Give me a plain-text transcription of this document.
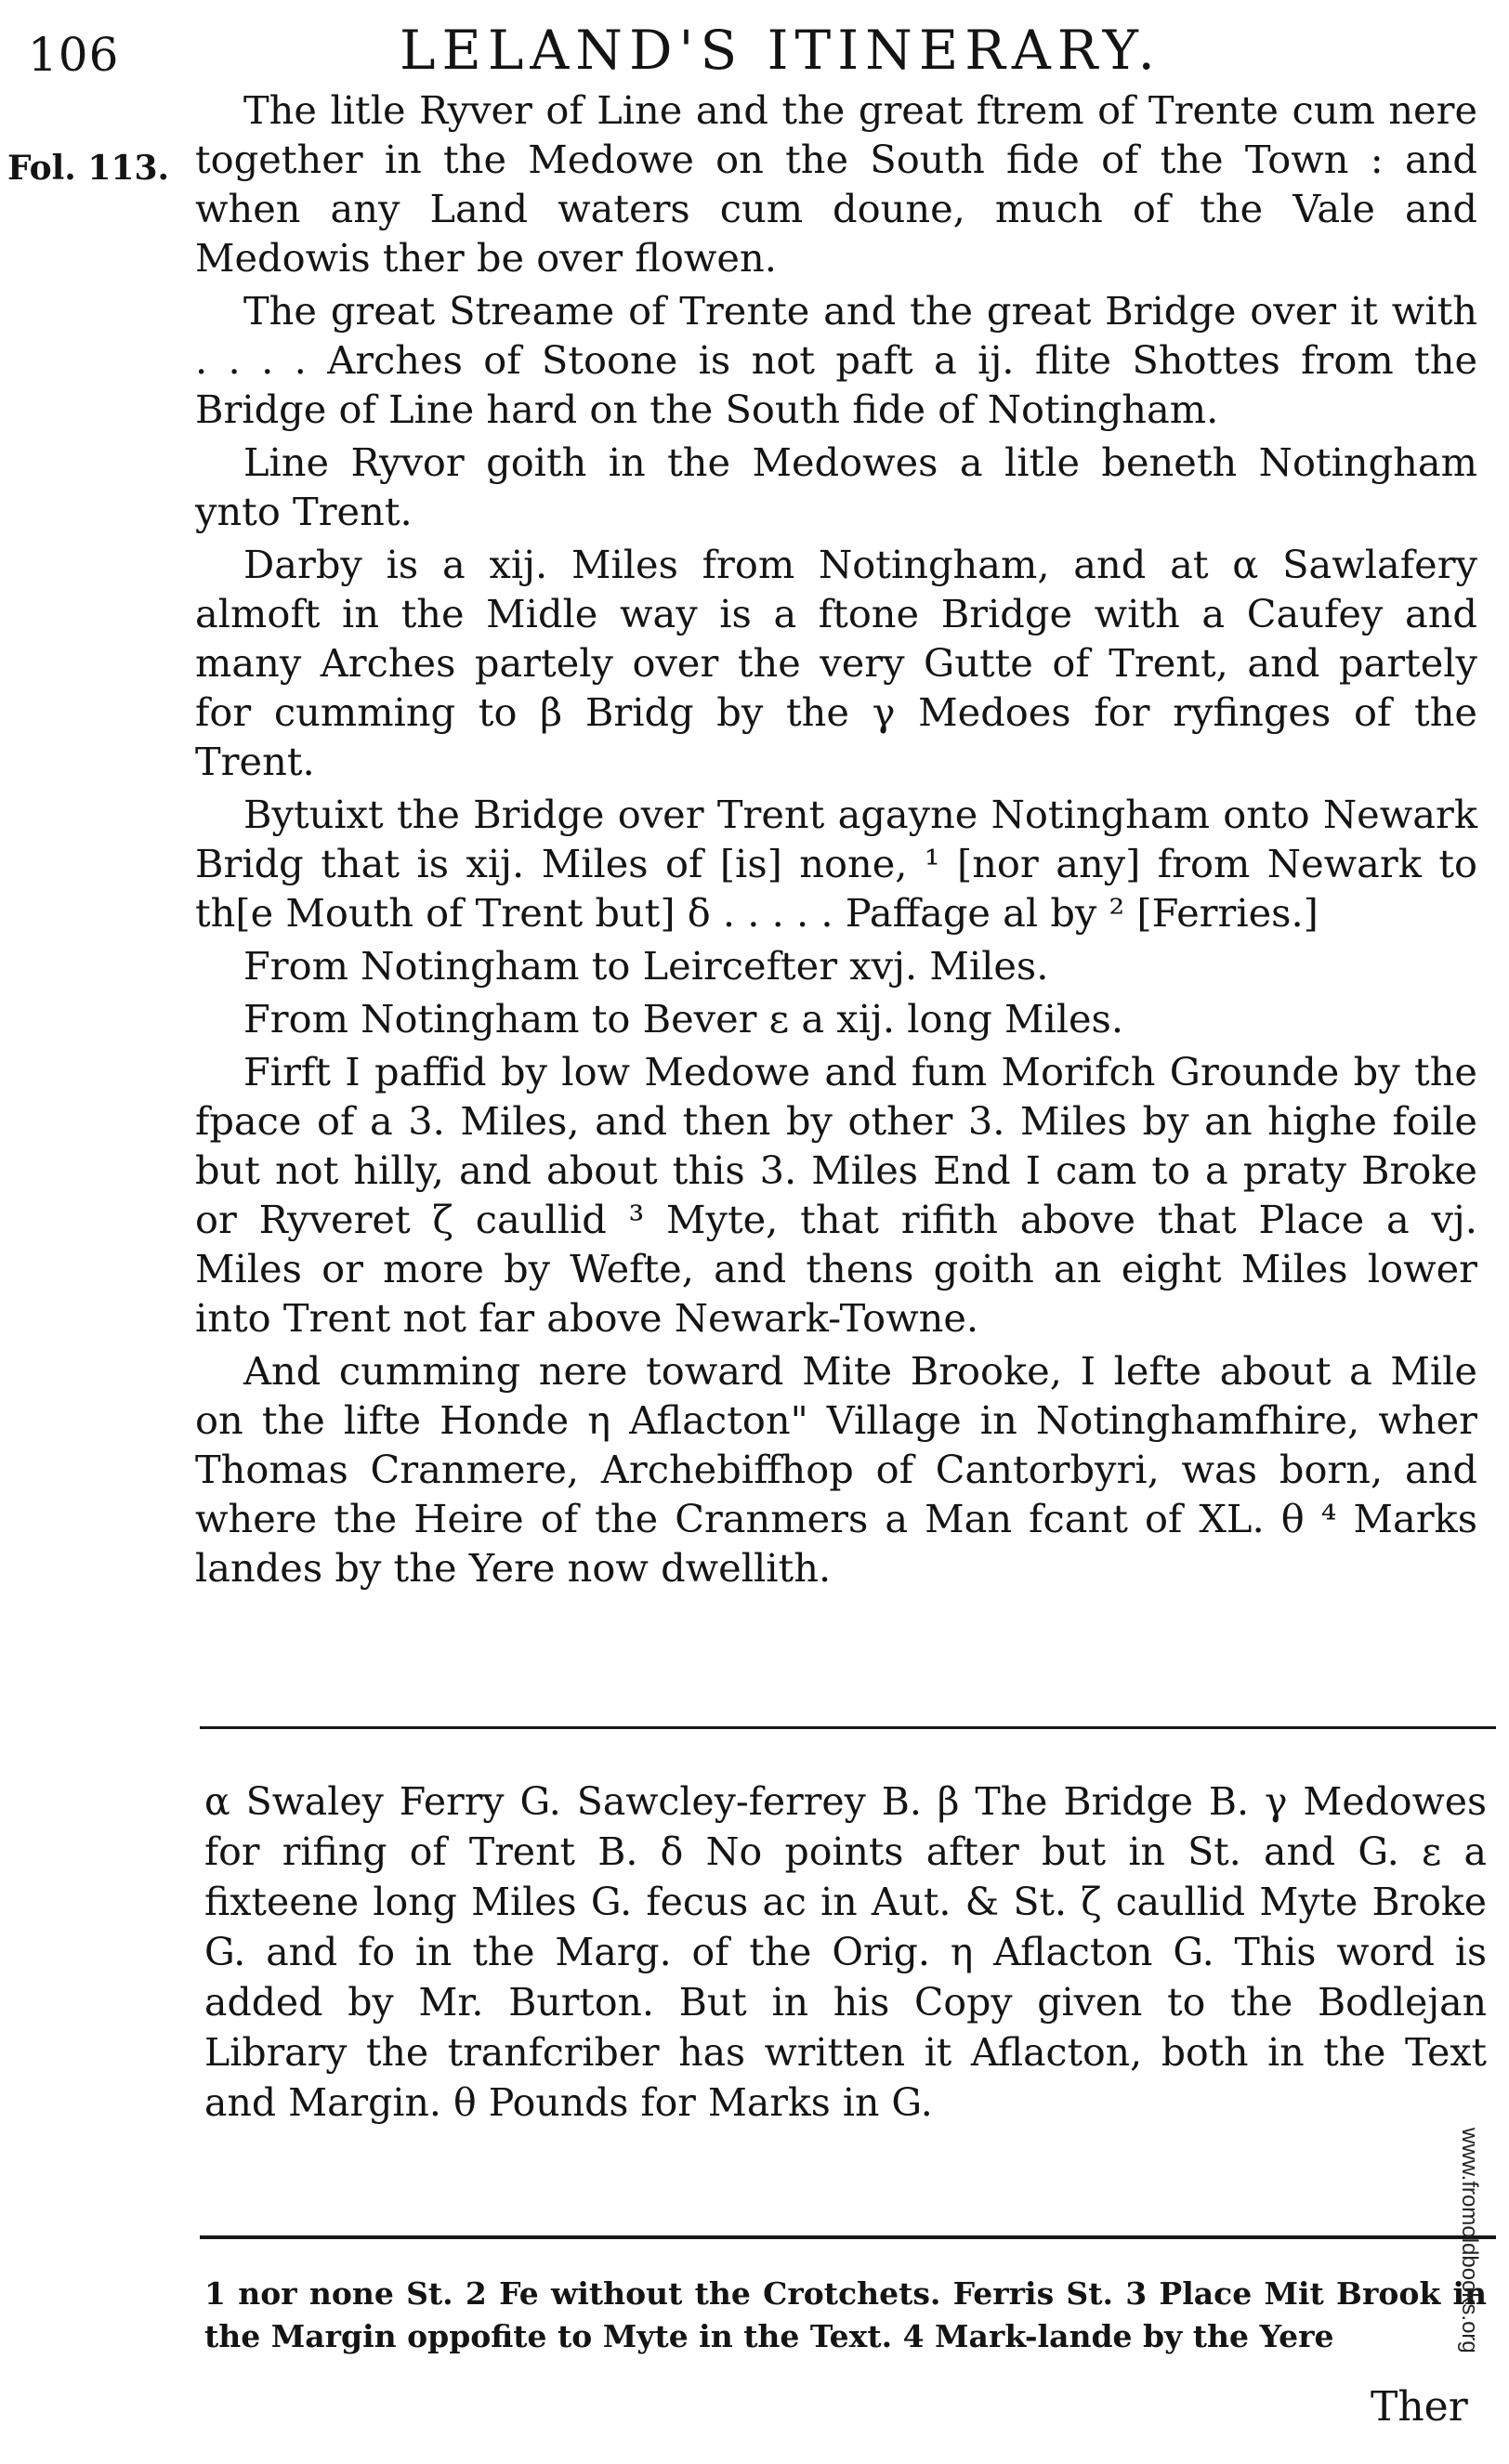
106	LELAND'S ITINERARY.
Fol. 113.

The litle Ryver of Line and the great ftrem of Trente cum nere together in the Medowe on the South fide of the Town : and when any Land waters cum doune, much of the Vale and Medowis ther be over flowen.

The great Streame of Trente and the great Bridge over it with . . . . Arches of Stoone is not paft a ij. flite Shottes from the Bridge of Line hard on the South fide of Notingham.

Line Ryvor goith in the Medowes a litle beneth Notingham ynto Trent.

Darby is a xij. Miles from Notingham, and at α Sawlafery almoft in the Midle way is a ftone Bridge with a Caufey and many Arches partely over the very Gutte of Trent, and partely for cumming to β Bridg by the γ Medoes for ryfinges of the Trent.

Bytuixt the Bridge over Trent agayne Notingham onto Newark Bridg that is xij. Miles of [is] none, ¹ [nor any] from Newark to th[e Mouth of Trent but] δ . . . . . Paffage al by ² [Ferries.]

From Notingham to Leircefter xvj. Miles.

From Notingham to Bever ε a xij. long Miles.

Firft I paffid by low Medowe and fum Morifch Grounde by the fpace of a 3. Miles, and then by other 3. Miles by an highe foile but not hilly, and about this 3. Miles End I cam to a praty Broke or Ryveret ζ caullid ³ Myte, that rifith above that Place a vj. Miles or more by Wefte, and thens goith an eight Miles lower into Trent not far above Newark-Towne.

And cumming nere toward Mite Brooke, I lefte about a Mile on the lifte Honde η Aflacton" Village in Notinghamfhire, wher Thomas Cranmere, Archebiffhop of Cantorbyri, was born, and where the Heire of the Cranmers a Man fcant of XL. θ ⁴ Marks landes by the Yere now dwellith.

α Swaley Ferry G. Sawcley-ferrey B. β The Bridge B. γ Medowes for rifing of Trent B. δ No points after but in St. and G. ε a fixteene long Miles G. fecus ac in Aut. & St. ζ caullid Myte Broke G. and fo in the Marg. of the Orig. η Aflacton G. This word is added by Mr. Burton. But in his Copy given to the Bodlejan Library the tranfcriber has written it Aflacton, both in the Text and Margin. θ Pounds for Marks in G.
1 nor none St. 2 Fe without the Crotchets. Ferris St. 3 Place Mit Brook in the Margin oppofite to Myte in the Text. 4 Mark-lande by the Yere
Ther
www.fromoldbooks.org
